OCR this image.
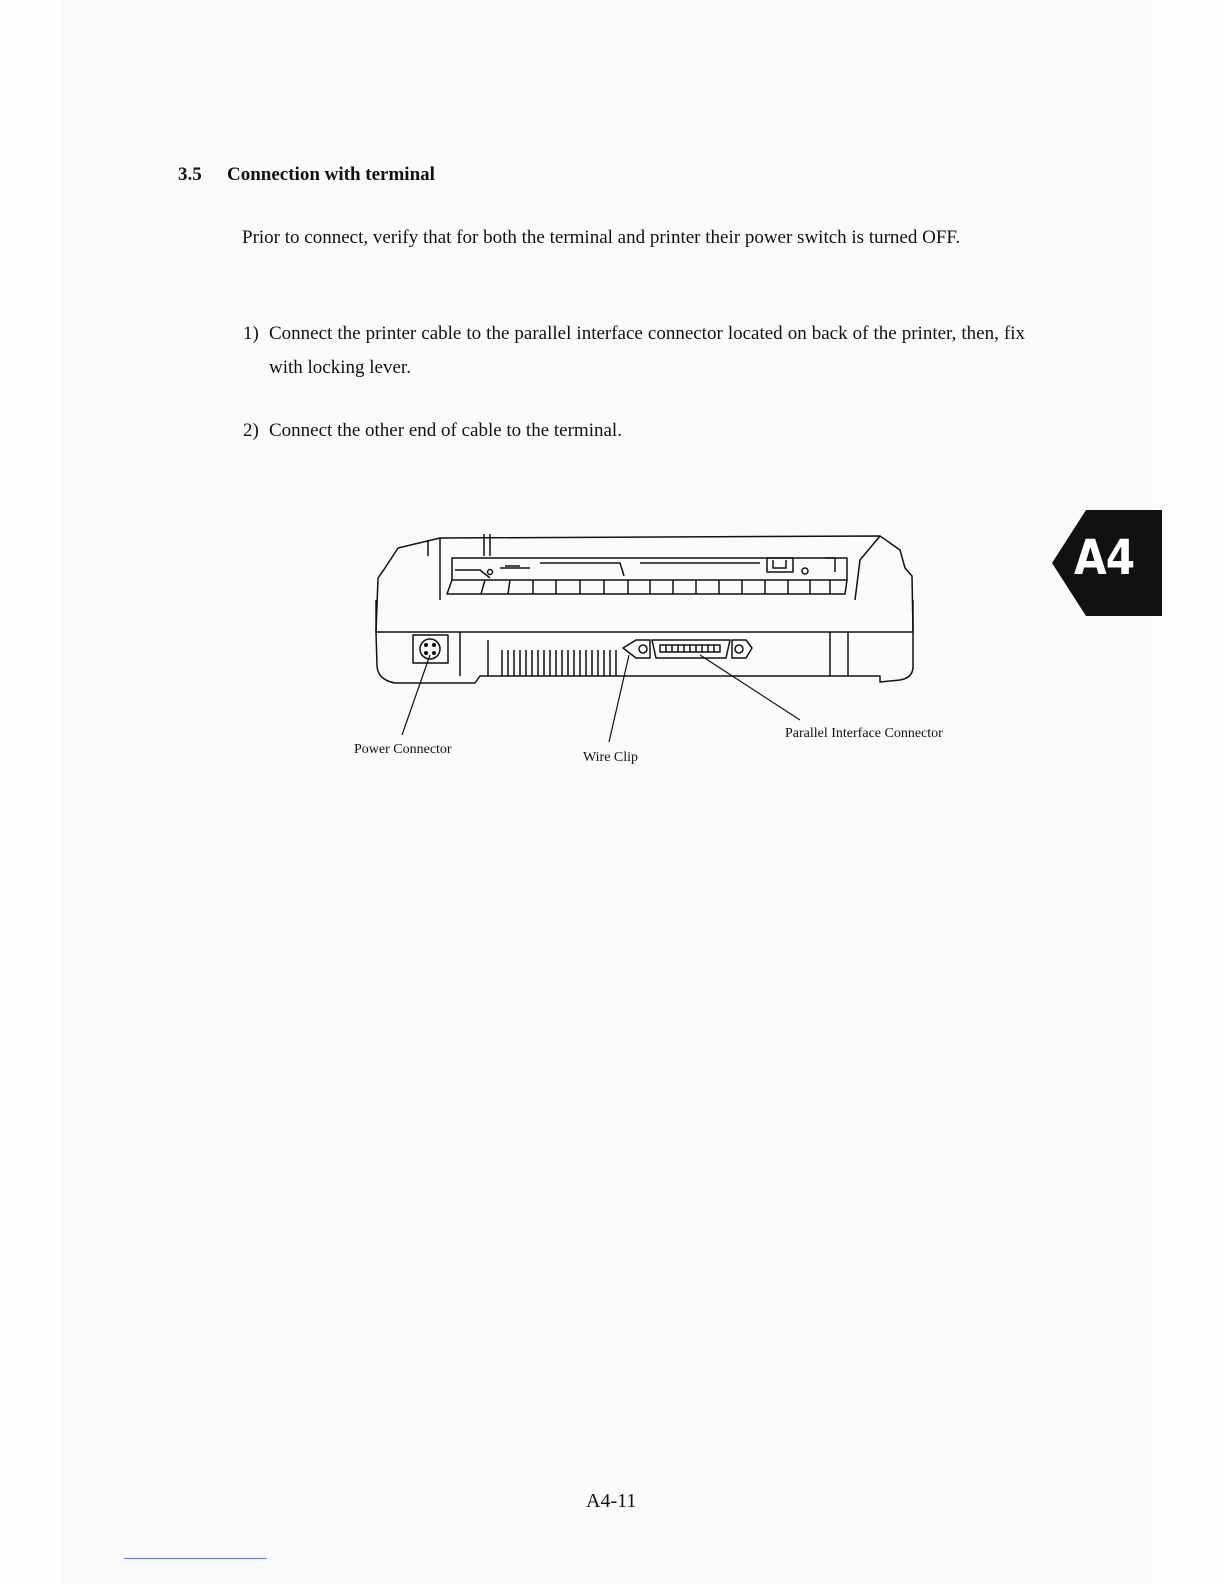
3.5 Connection with terminal
Prior to connect, verify that for both the terminal and printer their power switch is turned OFF.
1) Connect the printer cable to the parallel interface connector located on back of the printer, then, fix with locking lever.
2) Connect the other end of cable to the terminal.
Power Connector
Wire Clip
Parallel Interface Connector
A4
A4-11
